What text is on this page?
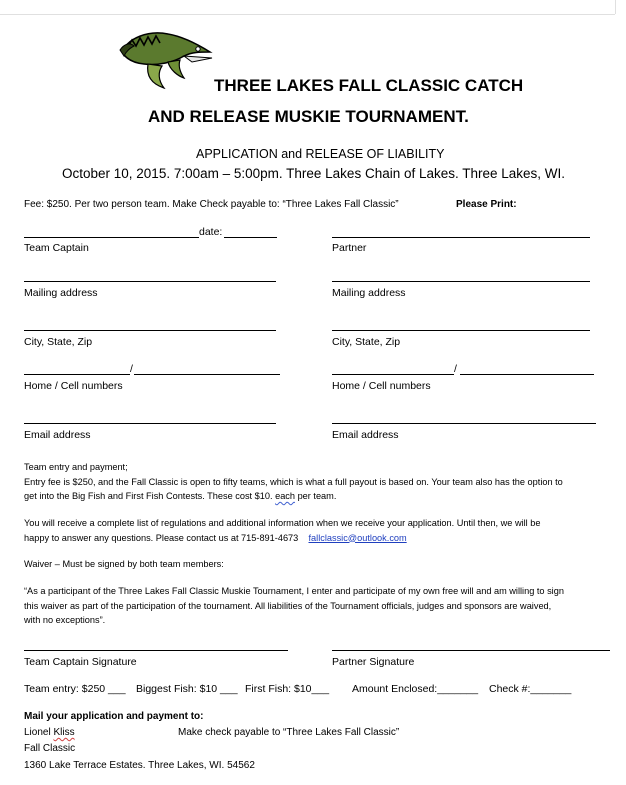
THREE LAKES FALL CLASSIC CATCH
AND RELEASE MUSKIE TOURNAMENT.
APPLICATION and RELEASE OF LIABILITY
October 10, 2015. 7:00am – 5:00pm. Three Lakes Chain of Lakes. Three Lakes, WI.
Fee: $250. Per two person team. Make Check payable to: “Three Lakes Fall Classic”	Please Print:
date:
Team Captain	Partner
Mailing address	Mailing address
City, State, Zip	City, State, Zip
/	/
Home / Cell numbers	Home / Cell numbers
Email address	Email address
Team entry and payment;
Entry fee is $250, and the Fall Classic is open to fifty teams, which is what a full payout is based on. Your team also has the option to
get into the Big Fish and First Fish Contests. These cost $10. each per team.
You will receive a complete list of regulations and additional information when we receive your application. Until then, we will be
happy to answer any questions. Please contact us at 715-891-4673 fallclassic@outlook.com
Waiver – Must be signed by both team members:
“As a participant of the Three Lakes Fall Classic Muskie Tournament, I enter and participate of my own free will and am willing to sign
this waiver as part of the participation of the tournament. All liabilities of the Tournament officials, judges and sponsors are waived,
with no exceptions”.
Team Captain Signature	Partner Signature
Team entry: $250 ___ Biggest Fish: $10 ___ First Fish: $10___ Amount Enclosed:_______ Check #:_______
Mail your application and payment to:
Lionel Kliss	Make check payable to “Three Lakes Fall Classic”
Fall Classic
1360 Lake Terrace Estates. Three Lakes, WI. 54562
